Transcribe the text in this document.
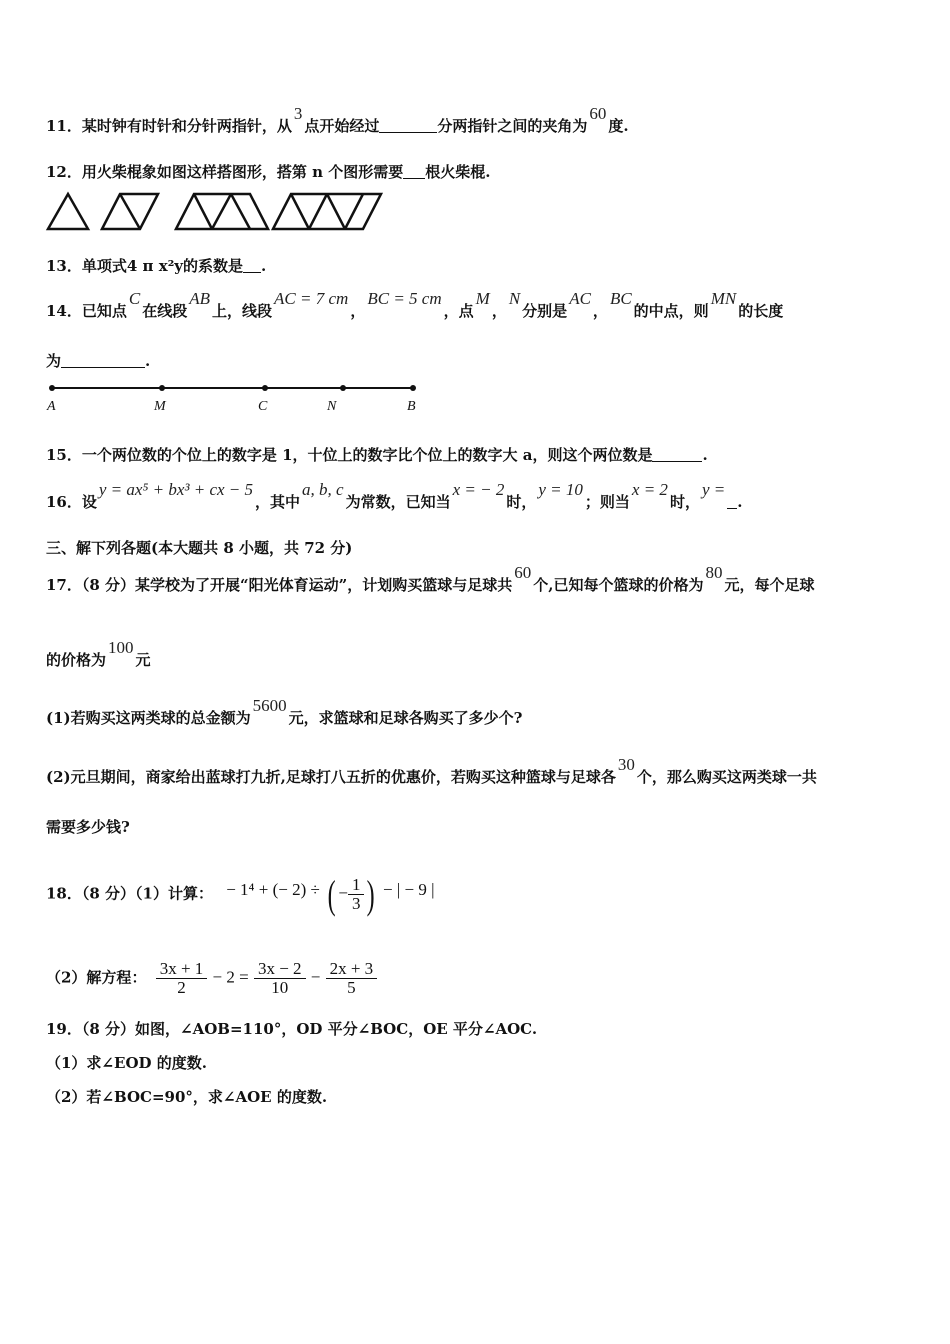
11．某时钟有时针和分针两指针，从3点开始经过	分两指针之间的夹角为60度.
12．用火柴棍象如图这样搭图形，搭第 n 个图形需要 根火柴棍.
13．单项式4 π x²y的系数是 .
14．已知点C在线段AB上，线段AC = 7 cm，BC = 5 cm，点M，N分别是AC，BC的中点，则MN的长度
为	.
A	M	C	N	B
15．一个两位数的个位上的数字是 1，十位上的数字比个位上的数字大 a，则这个两位数是	.
16．设y = ax⁵ + bx³ + cx − 5，其中a, b, c为常数，已知当x = − 2时，y = 10；则当x = 2时，y =.
三、解下列各题(本大题共 8 小题，共 72 分)
17．（8 分）某学校为了开展“阳光体育运动”，计划购买篮球与足球共60个,已知每个篮球的价格为80元，每个足球
的价格为100元
(1)若购买这两类球的总金额为5600元，求篮球和足球各购买了多少个?
(2)元旦期间，商家给出蓝球打九折,足球打八五折的优惠价，若购买这种篮球与足球各30个，那么购买这两类球一共
需要多少钱?
18．（8 分）（1）计算： − 1⁴ + (− 2) ÷ ( − $\frac{1}{3}$ ) − | − 9 |
（2）解方程： $\frac{3x + 1}{2} - 2 = \frac{3x - 2}{10} - \frac{2x + 3}{5}$
19．（8 分）如图，∠AOB=110°，OD 平分∠BOC，OE 平分∠AOC.
（1）求∠EOD 的度数.
（2）若∠BOC=90°，求∠AOE 的度数.
